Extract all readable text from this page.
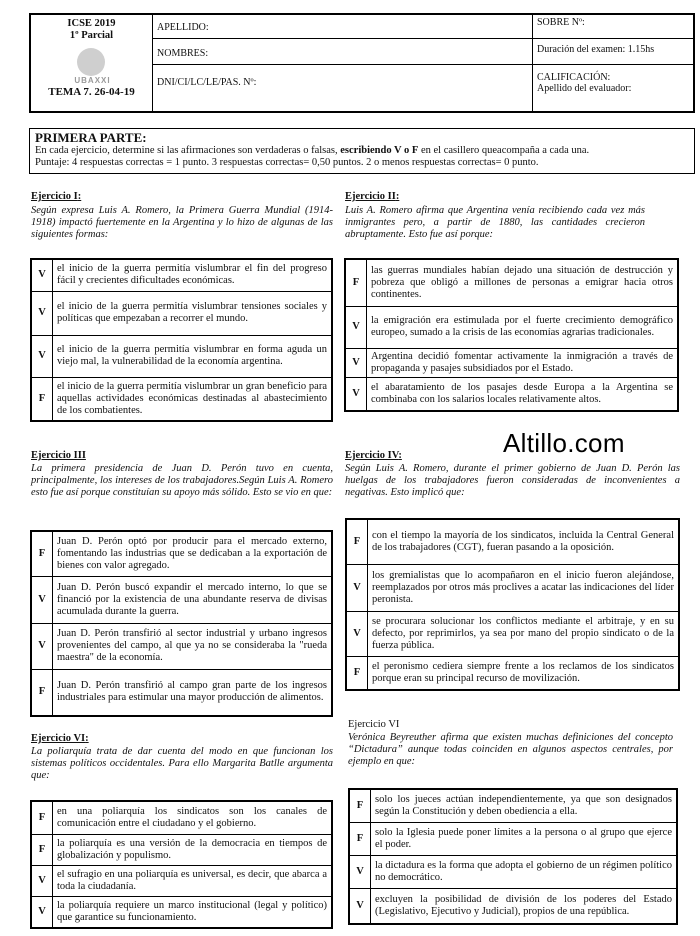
ICSE 2019
1º Parcial
UBAXXI
TEMA 7. 26-04-19
APELLIDO:
NOMBRES:
DNI/CI/LC/LE/PAS. Nº:
SOBRE Nº:
Duración del examen: 1.15hs
CALIFICACIÓN:
Apellido del evaluador:
PRIMERA PARTE:
En cada ejercicio, determine si las afirmaciones son verdaderas o falsas, escribiendo V o F en el casillero queacompaña a cada una.
Puntaje: 4 respuestas correctas = 1 punto. 3 respuestas correctas= 0,50 puntos. 2 o menos respuestas correctas= 0 punto.
Ejercicio I:
Según expresa Luis A. Romero, la Primera Guerra Mundial (1914-1918) impactó fuertemente en la Argentina y lo hizo de algunas de las siguientes formas:
V	el inicio de la guerra permitía vislumbrar el fin del progreso fácil y crecientes dificultades económicas.
V	el inicio de la guerra permitía vislumbrar tensiones sociales y políticas que empezaban a recorrer el mundo.
V	el inicio de la guerra permitía vislumbrar en forma aguda un viejo mal, la vulnerabilidad de la economía argentina.
F	el inicio de la guerra permitía vislumbrar un gran beneficio para aquellas actividades económicas destinadas al abastecimiento de los combatientes.
Ejercicio II:
Luis A. Romero afirma que Argentina venía recibiendo cada vez más inmigrantes pero, a partir de 1880, las cantidades crecieron abruptamente. Esto fue así porque:
F	las guerras mundiales habían dejado una situación de destrucción y pobreza que obligó a millones de personas a emigrar hacia otros continentes.
V	la emigración era estimulada por el fuerte crecimiento demográfico europeo, sumado a la crisis de las economías agrarias tradicionales.
V	Argentina decidió fomentar activamente la inmigración a través de propaganda y pasajes subsidiados por el Estado.
V	el abaratamiento de los pasajes desde Europa a la Argentina se combinaba con los salarios locales relativamente altos.
Altillo.com
Ejercicio III
La primera presidencia de Juan D. Perón tuvo en cuenta, principalmente, los intereses de los trabajadores.Según Luis A. Romero esto fue así porque constituían su apoyo más sólido. Esto se vio en que:
F	Juan D. Perón optó por producir para el mercado externo, fomentando las industrias que se dedicaban a la exportación de bienes con valor agregado.
V	Juan D. Perón buscó expandir el mercado interno, lo que se financió por la existencia de una abundante reserva de divisas acumulada durante la guerra.
V	Juan D. Perón transfirió al sector industrial y urbano ingresos provenientes del campo, al que ya no se consideraba la "rueda maestra" de la economía.
F	Juan D. Perón transfirió al campo gran parte de los ingresos industriales para estimular una mayor producción de alimentos.
Ejercicio IV:
Según Luis A. Romero, durante el primer gobierno de Juan D. Perón las huelgas de los trabajadores fueron consideradas de inconvenientes a negativas. Esto implicó que:
F	con el tiempo la mayoría de los sindicatos, incluida la Central General de los trabajadores (CGT), fueran pasando a la oposición.
V	los gremialistas que lo acompañaron en el inicio fueron alejándose, reemplazados por otros más proclives a acatar las indicaciones del líder peronista.
V	se procurara solucionar los conflictos mediante el arbitraje, y en su defecto, por reprimirlos, ya sea por mano del propio sindicato o de la fuerza pública.
F	el peronismo cediera siempre frente a los reclamos de los sindicatos porque eran su principal recurso de movilización.
Ejercicio VI:
La poliarquía trata de dar cuenta del modo en que funcionan los sistemas políticos occidentales. Para ello Margarita Batlle argumenta que:
F	en una poliarquía los sindicatos son los canales de comunicación entre el ciudadano y el gobierno.
F	la poliarquía es una versión de la democracia en tiempos de globalización y populismo.
V	el sufragio en una poliarquía es universal, es decir, que abarca a toda la ciudadanía.
V	la poliarquía requiere un marco institucional (legal y político) que garantice su funcionamiento.
Ejercicio VI
Verónica Beyreuther afirma que existen muchas definiciones del concepto “Dictadura” aunque todas coinciden en algunos aspectos centrales, por ejemplo en que:
F	solo los jueces actúan independientemente, ya que son designados según la Constitución y deben obediencia a ella.
F	solo la Iglesia puede poner límites a la persona o al grupo que ejerce el poder.
V	la dictadura es la forma que adopta el gobierno de un régimen político no democrático.
V	excluyen la posibilidad de división de los poderes del Estado (Legislativo, Ejecutivo y Judicial), propios de una república.
